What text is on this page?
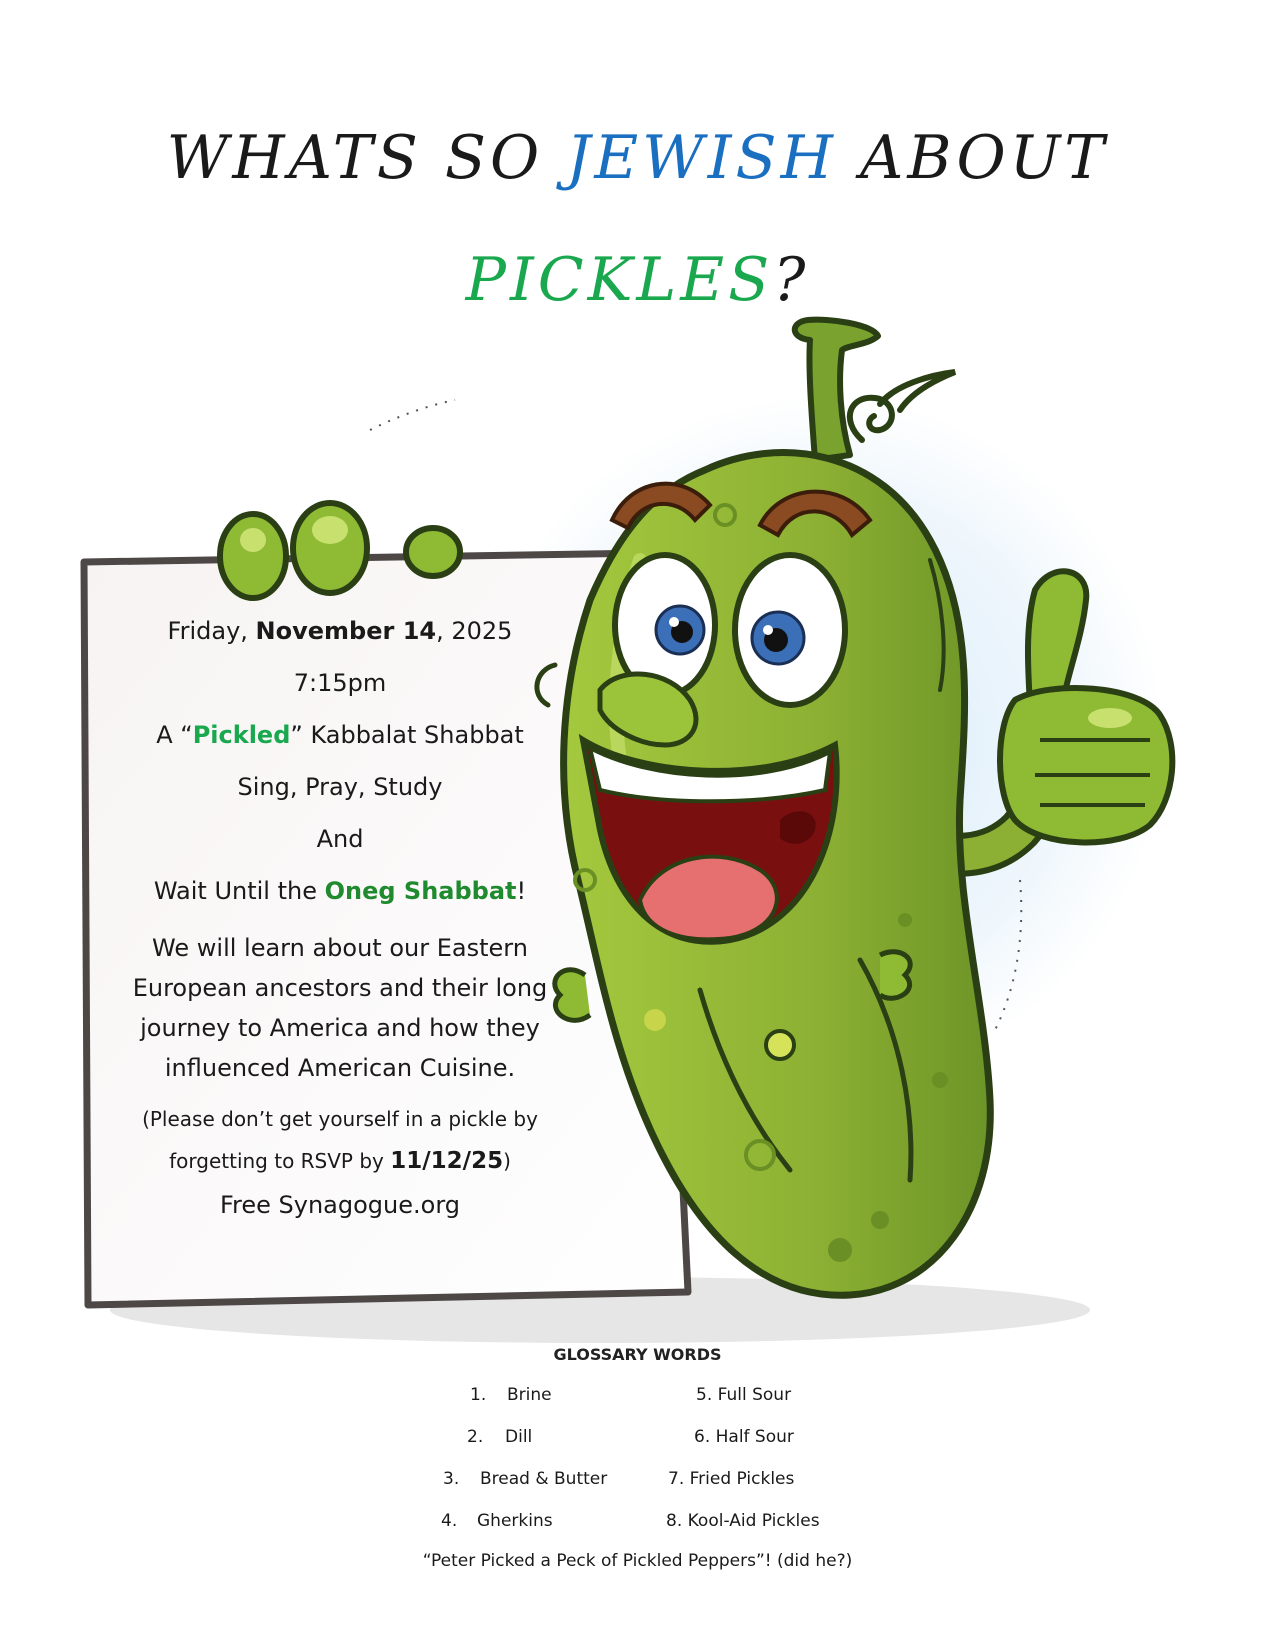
WHATS SO JEWISH ABOUT
PICKLES?
Friday, November 14, 2025
7:15pm
A “Pickled” Kabbalat Shabbat
Sing, Pray, Study
And
Wait Until the Oneg Shabbat!
We will learn about our Eastern
European ancestors and their long
journey to America and how they
influenced American Cuisine.
(Please don’t get yourself in a pickle by
forgetting to RSVP by 11/12/25)
Free Synagogue.org
GLOSSARY WORDS
1. Brine
2. Dill
3. Bread & Butter
4. Gherkins
5. Full Sour
6. Half Sour
7. Fried Pickles
8. Kool-Aid Pickles
“Peter Picked a Peck of Pickled Peppers”! (did he?)
